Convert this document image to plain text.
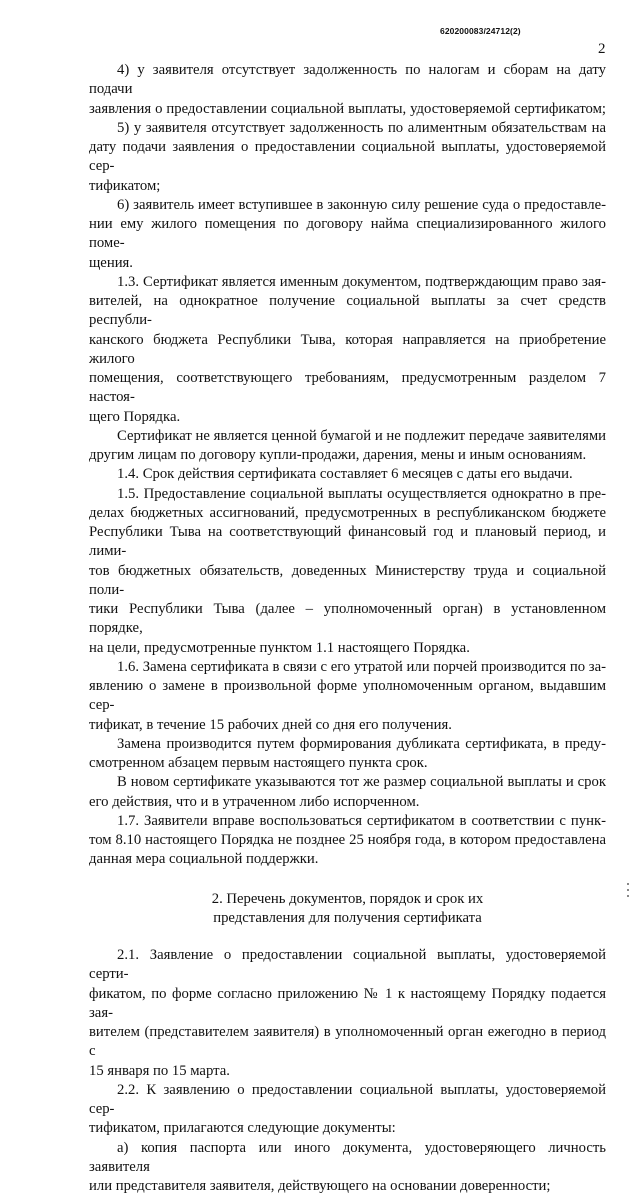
620200083/24712(2)
2
4) у заявителя отсутствует задолженность по налогам и сборам на дату подачи
заявления о предоставлении социальной выплаты, удостоверяемой сертификатом;
5) у заявителя отсутствует задолженность по алиментным обязательствам на
дату подачи заявления о предоставлении социальной выплаты, удостоверяемой сер-
тификатом;
6) заявитель имеет вступившее в законную силу решение суда о предоставле-
нии ему жилого помещения по договору найма специализированного жилого поме-
щения.
1.3. Сертификат является именным документом, подтверждающим право зая-
вителей, на однократное получение социальной выплаты за счет средств республи-
канского бюджета Республики Тыва, которая направляется на приобретение жилого
помещения, соответствующего требованиям, предусмотренным разделом 7 настоя-
щего Порядка.
Сертификат не является ценной бумагой и не подлежит передаче заявителями
другим лицам по договору купли-продажи, дарения, мены и иным основаниям.
1.4. Срок действия сертификата составляет 6 месяцев с даты его выдачи.
1.5. Предоставление социальной выплаты осуществляется однократно в пре-
делах бюджетных ассигнований, предусмотренных в республиканском бюджете
Республики Тыва на соответствующий финансовый год и плановый период, и лими-
тов бюджетных обязательств, доведенных Министерству труда и социальной поли-
тики Республики Тыва (далее – уполномоченный орган) в установленном порядке,
на цели, предусмотренные пунктом 1.1 настоящего Порядка.
1.6. Замена сертификата в связи с его утратой или порчей производится по за-
явлению о замене в произвольной форме уполномоченным органом, выдавшим сер-
тификат, в течение 15 рабочих дней со дня его получения.
Замена производится путем формирования дубликата сертификата, в преду-
смотренном абзацем первым настоящего пункта срок.
В новом сертификате указываются тот же размер социальной выплаты и срок
его действия, что и в утраченном либо испорченном.
1.7. Заявители вправе воспользоваться сертификатом в соответствии с пунк-
том 8.10 настоящего Порядка не позднее 25 ноября года, в котором предоставлена
данная мера социальной поддержки.
2. Перечень документов, порядок и срок их
представления для получения сертификата
2.1. Заявление о предоставлении социальной выплаты, удостоверяемой серти-
фикатом, по форме согласно приложению № 1 к настоящему Порядку подается зая-
вителем (представителем заявителя) в уполномоченный орган ежегодно в период с
15 января по 15 марта.
2.2. К заявлению о предоставлении социальной выплаты, удостоверяемой сер-
тификатом, прилагаются следующие документы:
а) копия паспорта или иного документа, удостоверяющего личность заявителя
или представителя заявителя, действующего на основании доверенности;
